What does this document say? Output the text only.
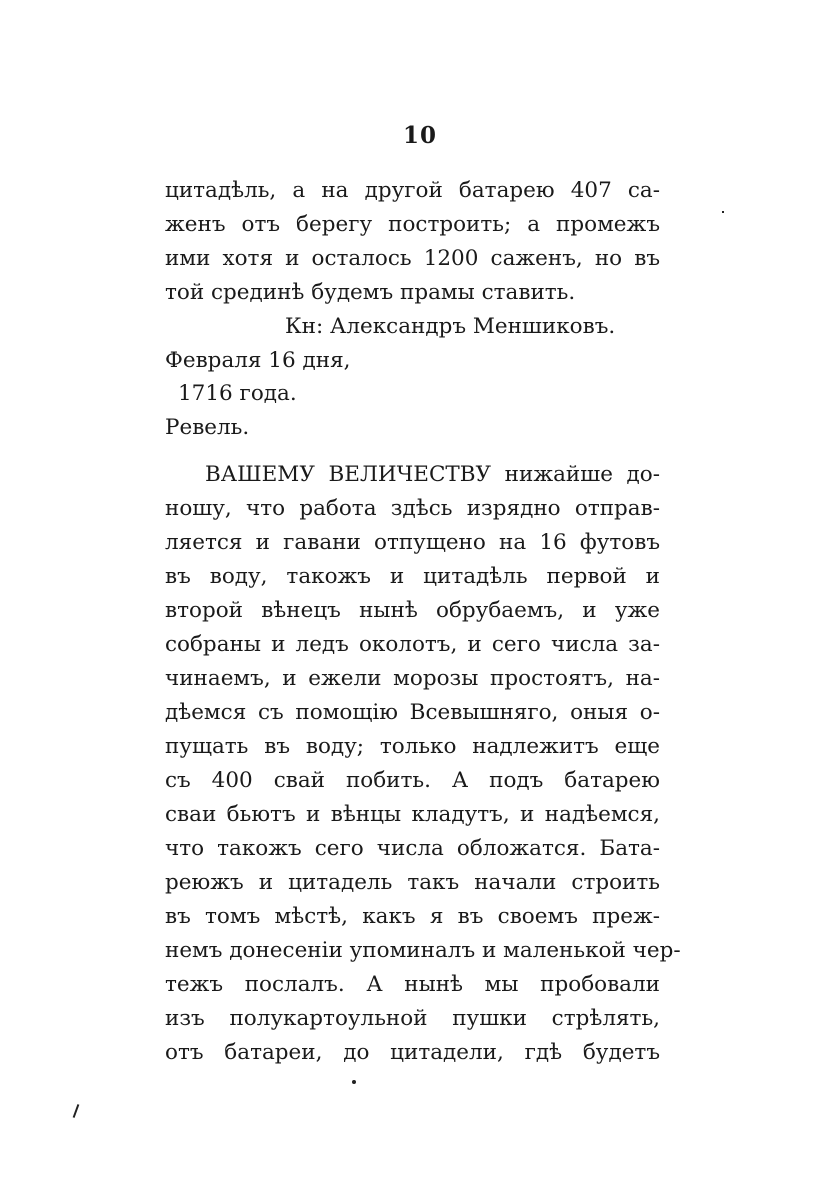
10
цитадѣль, а на другой батарею 407 са-
женъ отъ берегу построить; а промежъ
ими хотя и осталось 1200 саженъ, но въ
той срединѣ будемъ прамы ставить.
Кн: Александръ Меншиковъ.
Февраля 16 дня,
1716 года.
Ревель.
ВАШЕМУ ВЕЛИЧЕСТВУ нижайше до-
ношу, что работа здѣсь изрядно отправ-
ляется и гавани отпущено на 16 футовъ
въ воду, такожъ и цитадѣль первой и
второй вѣнецъ нынѣ обрубаемъ, и уже
собраны и ледъ околотъ, и сего числа за-
чинаемъ, и ежели морозы простоятъ, на-
дѣемся съ помощію Всевышняго, оныя о-
пущать въ воду; только надлежитъ еще
съ 400 свай побить. А подъ батарею
сваи бьютъ и вѣнцы кладутъ, и надѣемся,
что такожъ сего числа обложатся. Бата-
реюжъ и цитадель такъ начали строить
въ томъ мѣстѣ, какъ я въ своемъ преж-
немъ донесеніи упоминалъ и маленькой чер-
тежъ послалъ. А нынѣ мы пробовали
изъ полукартоульной пушки стрѣлять,
отъ батареи, до цитадели, гдѣ будетъ
